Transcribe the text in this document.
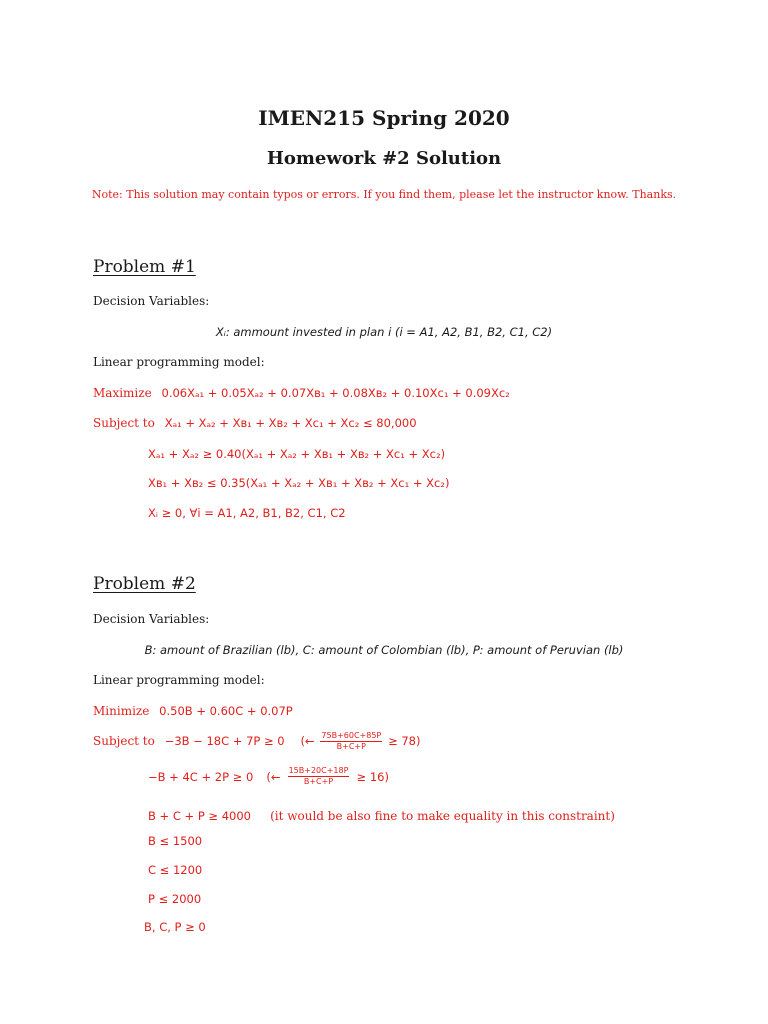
IMEN215 Spring 2020
Homework #2 Solution
Note: This solution may contain typos or errors. If you find them, please let the instructor know. Thanks.
Problem #1
Decision Variables:
Xᵢ: ammount invested in plan i (i = A1, A2, B1, B2, C1, C2)
Linear programming model:
Maximize 0.06Xₐ₁ + 0.05Xₐ₂ + 0.07Xʙ₁ + 0.08Xʙ₂ + 0.10Xᴄ₁ + 0.09Xᴄ₂
Subject to Xₐ₁ + Xₐ₂ + Xʙ₁ + Xʙ₂ + Xᴄ₁ + Xᴄ₂ ≤ 80,000
Xₐ₁ + Xₐ₂ ≥ 0.40(Xₐ₁ + Xₐ₂ + Xʙ₁ + Xʙ₂ + Xᴄ₁ + Xᴄ₂)
Xʙ₁ + Xʙ₂ ≤ 0.35(Xₐ₁ + Xₐ₂ + Xʙ₁ + Xʙ₂ + Xᴄ₁ + Xᴄ₂)
Xᵢ ≥ 0, ∀i = A1, A2, B1, B2, C1, C2
Problem #2
Decision Variables:
B: amount of Brazilian (lb), C: amount of Colombian (lb), P: amount of Peruvian (lb)
Linear programming model:
Minimize 0.50B + 0.60C + 0.07P
Subject to −3B − 18C + 7P ≥ 0 (← $\frac{75B+60C+85P}{B+C+P} \ge 78$)
−B + 4C + 2P ≥ 0 (← $\frac{15B+20C+18P}{B+C+P} \ge 16$)
B + C + P ≥ 4000 (it would be also fine to make equality in this constraint)
B ≤ 1500
C ≤ 1200
P ≤ 2000
B, C, P ≥ 0
